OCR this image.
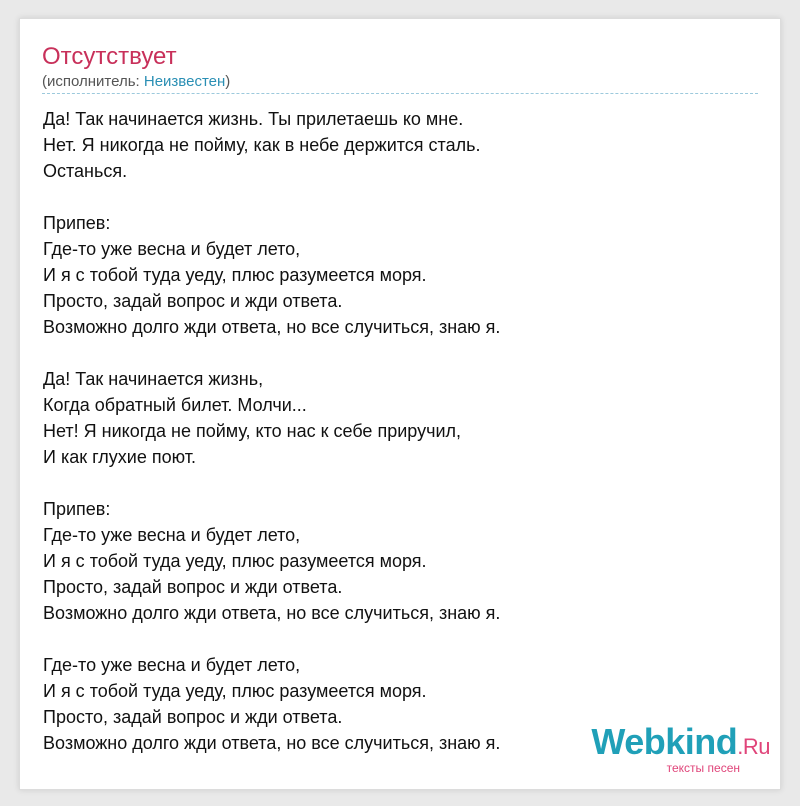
Отсутствует
(исполнитель: Неизвестен)
Да! Так начинается жизнь. Ты прилетаешь ко мне.
Нет. Я никогда не пойму, как в небе держится сталь.
Останься.
Припев:
Где-то уже весна и будет лето,
И я с тобой туда уеду, плюс разумеется моря.
Просто, задай вопрос и жди ответа.
Возможно долго жди ответа, но все случиться, знаю я.
Да! Так начинается жизнь,
Когда обратный билет. Молчи...
Нет! Я никогда не пойму, кто нас к себе приручил,
И как глухие поют.
Припев:
Где-то уже весна и будет лето,
И я с тобой туда уеду, плюс разумеется моря.
Просто, задай вопрос и жди ответа.
Возможно долго жди ответа, но все случиться, знаю я.
Где-то уже весна и будет лето,
И я с тобой туда уеду, плюс разумеется моря.
Просто, задай вопрос и жди ответа.
Возможно долго жди ответа, но все случиться, знаю я.	Webkind.Ru
тексты песен
